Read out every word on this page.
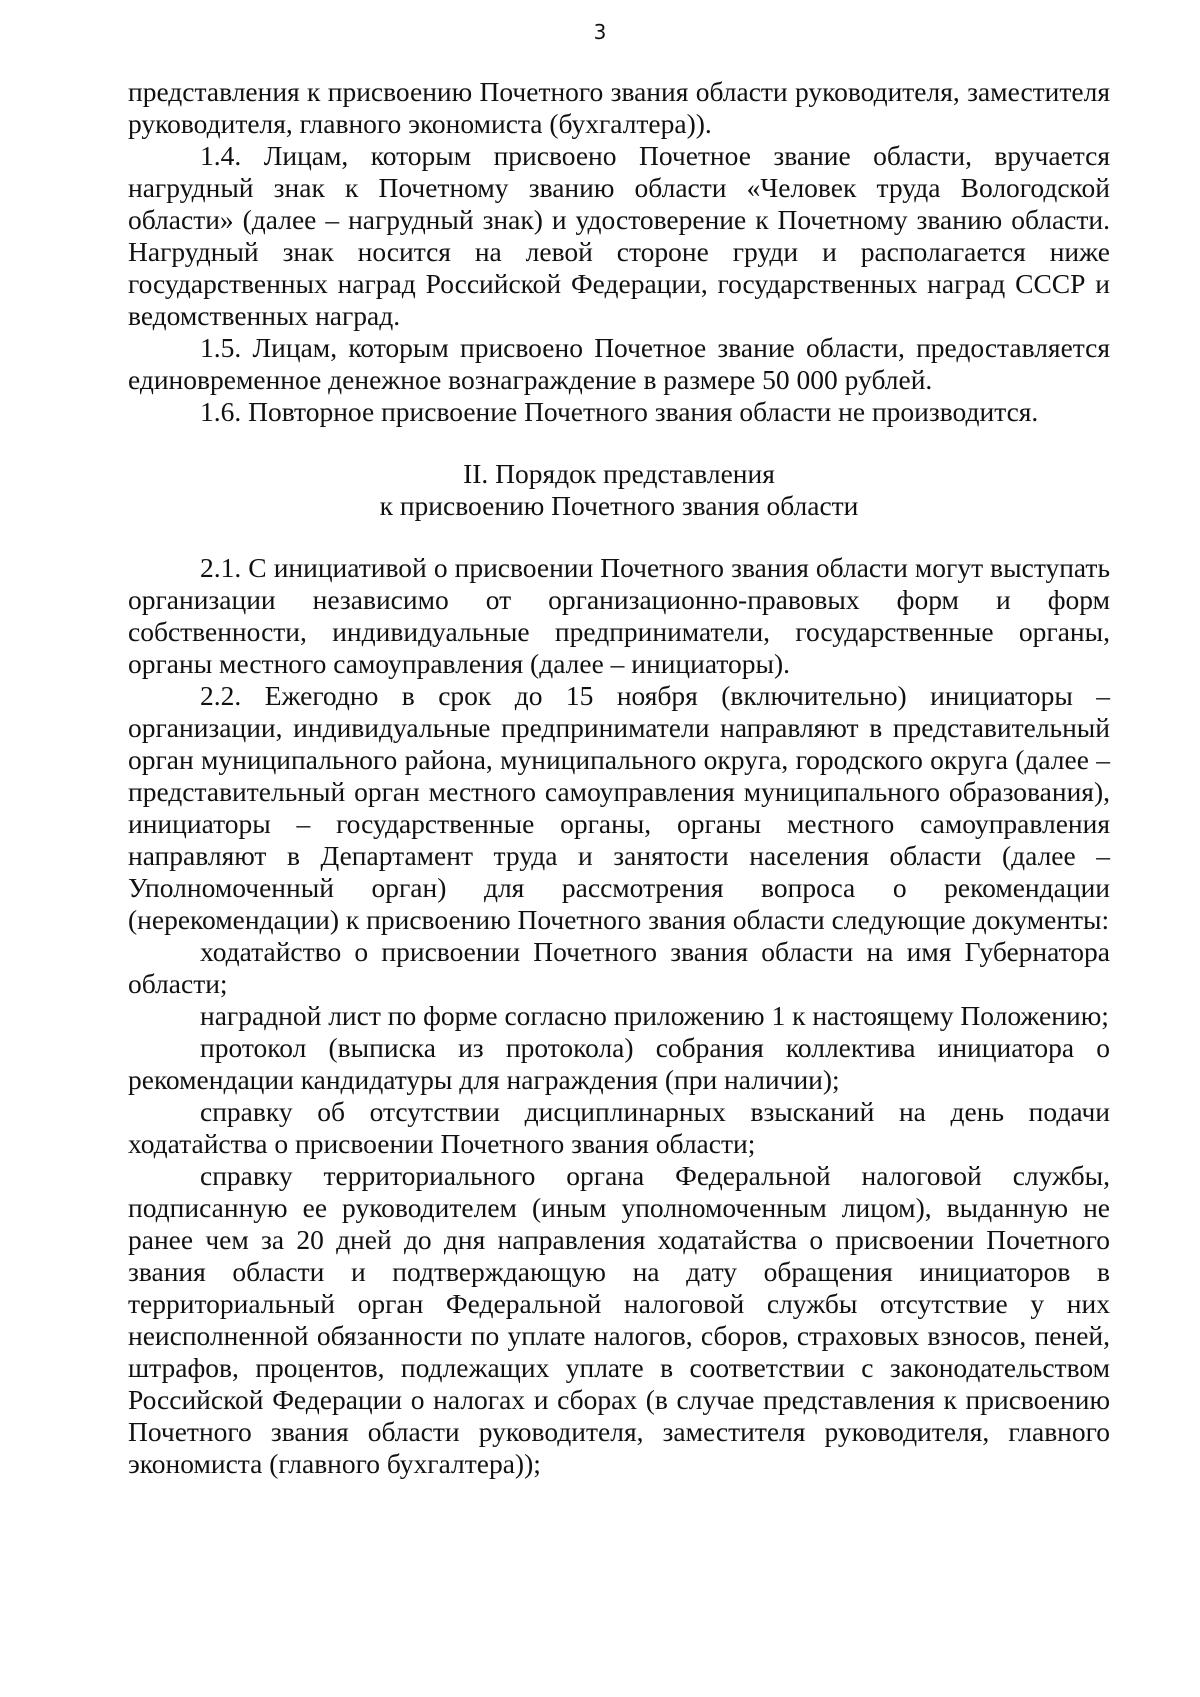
3

представления к присвоению Почетного звания области руководителя, заместителя руководителя, главного экономиста (бухгалтера)).

1.4. Лицам, которым присвоено Почетное звание области, вручается нагрудный знак к Почетному званию области «Человек труда Вологодской области» (далее – нагрудный знак) и удостоверение к Почетному званию области. Нагрудный знак носится на левой стороне груди и располагается ниже государственных наград Российской Федерации, государственных наград СССР и ведомственных наград.

1.5. Лицам, которым присвоено Почетное звание области, предоставляется единовременное денежное вознаграждение в размере 50 000 рублей.

1.6. Повторное присвоение Почетного звания области не производится.

II. Порядок представления
к присвоению Почетного звания области

2.1. С инициативой о присвоении Почетного звания области могут выступать организации независимо от организационно-правовых форм и форм собственности, индивидуальные предприниматели, государственные органы, органы местного самоуправления (далее – инициаторы).

2.2. Ежегодно в срок до 15 ноября (включительно) инициаторы – организации, индивидуальные предприниматели направляют в представительный орган муниципального района, муниципального округа, городского округа (далее – представительный орган местного самоуправления муниципального образования), инициаторы – государственные органы, органы местного самоуправления направляют в Департамент труда и занятости населения области (далее – Уполномоченный орган) для рассмотрения вопроса о рекомендации (нерекомендации) к присвоению Почетного звания области следующие документы:

ходатайство о присвоении Почетного звания области на имя Губернатора области;

наградной лист по форме согласно приложению 1 к настоящему Положению;

протокол (выписка из протокола) собрания коллектива инициатора о рекомендации кандидатуры для награждения (при наличии);

справку об отсутствии дисциплинарных взысканий на день подачи ходатайства о присвоении Почетного звания области;

справку территориального органа Федеральной налоговой службы, подписанную ее руководителем (иным уполномоченным лицом), выданную не ранее чем за 20 дней до дня направления ходатайства о присвоении Почетного звания области и подтверждающую на дату обращения инициаторов в территориальный орган Федеральной налоговой службы отсутствие у них неисполненной обязанности по уплате налогов, сборов, страховых взносов, пеней, штрафов, процентов, подлежащих уплате в соответствии с законодательством Российской Федерации о налогах и сборах (в случае представления к присвоению Почетного звания области руководителя, заместителя руководителя, главного экономиста (главного бухгалтера));
